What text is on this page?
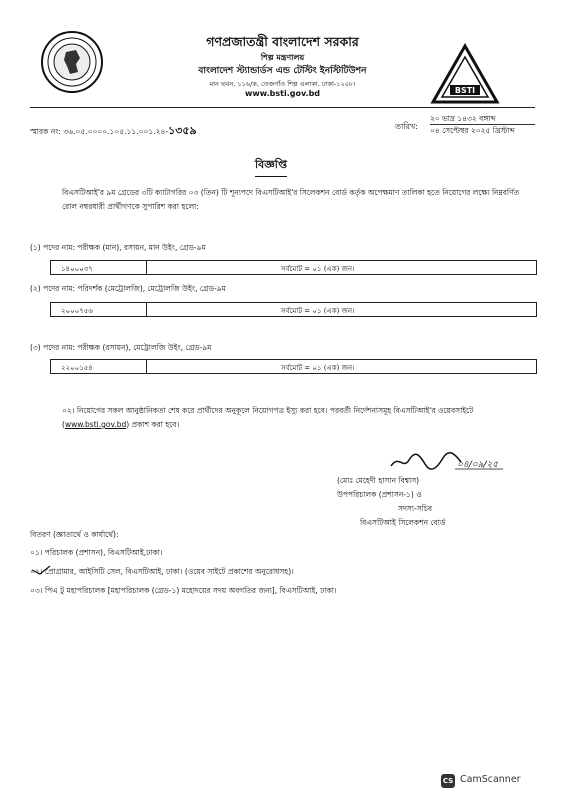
গণপ্রজাতন্ত্রী বাংলাদেশ সরকার
শিল্প মন্ত্রণালয়
বাংলাদেশ স্ট্যান্ডার্ডস এন্ড টেস্টিং ইনস্টিটিউশন
মান ভবন, ১১৬/ক, তেজগাঁও শিল্প এলাকা, ঢাকা-১২০৮।
www.bsti.gov.bd	BSTI
স্মারক নং: ৩৬.০৫.০০০০.১০৫.১১.০০১.২৪-১৩৫৯	তারিখ:
২০ ভাদ্র ১৪৩২ বঙ্গাব্দ
০৪ সেপ্টেম্বর ২০২৫ খ্রিস্টাব্দ
বিজ্ঞপ্তি
বিএসটিআই'র ৯ম গ্রেডের ৩টি ক্যাটাগরির ০৩ (তিন) টি শূন্যপদে বিএসটিআই'র সিলেকশন বোর্ড কর্তৃক অপেক্ষমাণ তালিকা হতে নিয়োগের লক্ষ্যে নিম্নবর্ণিত রোল নম্বরধারী প্রার্থীগণকে সুপারিশ করা হলো:
(১) পদের নাম: পরীক্ষক (মান), রসায়ন, মান উইং, গ্রেড-৯ম
১৪০০০৩৭	সর্বমোট = ০১ (এক) জন।
(২) পদের নাম: পরিদর্শক (মেট্রোলজি), মেট্রোলজি উইং, গ্রেড-৯ম
২০০০৭৫৬	সর্বমোট = ০১ (এক) জন।
(৩) পদের নাম: পরীক্ষক (রসায়ন), মেট্রোলজি উইং, গ্রেড-৯ম
২২০০১৫৪	সর্বমোট = ০১ (এক) জন।
০২। নিয়োগের সকল আনুষ্ঠানিকতা শেষ করে প্রার্থীদের অনুকূলে নিয়োগপত্র ইস্যু করা হবে। পরবর্তী নির্দেশনাসমূহ বিএসটিআই'র ওয়েবসাইটে (www.bsti.gov.bd) প্রকাশ করা হবে।
০৪/০৯/২৫
(মোঃ মেহেদী হাসান বিশ্বাস)
উপপরিচালক (প্রশাসন-১) ও
সদস্য-সচিব
বিএসটিআই সিলেকশন বোর্ড
বিতরণ (জ্ঞাতার্থে ও কার্যার্থে):
০১। পরিচালক (প্রশাসন), বিএসটিআই,ঢাকা।
০২। প্রোগ্রামার, আইসিটি সেল, বিএসটিআই, ঢাকা। (ওয়েব সাইটে প্রকাশের অনুরোধসহ)।
০৩। পিএ টু মহাপরিচালক [মহাপরিচালক (গ্রেড-১) মহোদয়ের সদয় অবগতির জন্য], বিএসটিআই, ঢাকা।
CS CamScanner
